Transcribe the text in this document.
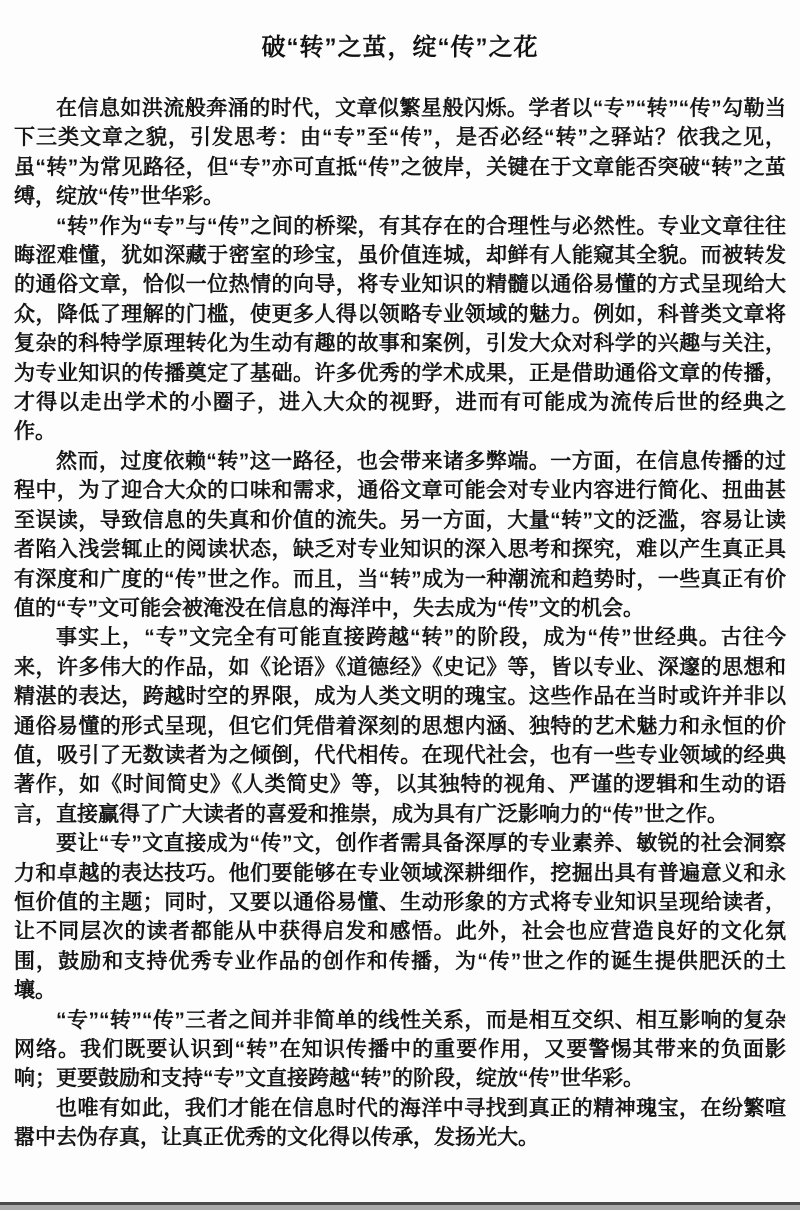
破“转”之茧，绽“传”之花

在信息如洪流般奔涌的时代，文章似繁星般闪烁。学者以“专”“转”“传”勾勒当下三类文章之貌，引发思考：由“专”至“传”，是否必经“转”之驿站？依我之见，虽“转”为常见路径，但“专”亦可直抵“传”之彼岸，关键在于文章能否突破“转”之茧缚，绽放“传”世华彩。

“转”作为“专”与“传”之间的桥梁，有其存在的合理性与必然性。专业文章往往晦涩难懂，犹如深藏于密室的珍宝，虽价值连城，却鲜有人能窥其全貌。而被转发的通俗文章，恰似一位热情的向导，将专业知识的精髓以通俗易懂的方式呈现给大众，降低了理解的门槛，使更多人得以领略专业领域的魅力。例如，科普类文章将复杂的科特学原理转化为生动有趣的故事和案例，引发大众对科学的兴趣与关注，为专业知识的传播奠定了基础。许多优秀的学术成果，正是借助通俗文章的传播，才得以走出学术的小圈子，进入大众的视野，进而有可能成为流传后世的经典之作。

然而，过度依赖“转”这一路径，也会带来诸多弊端。一方面，在信息传播的过程中，为了迎合大众的口味和需求，通俗文章可能会对专业内容进行简化、扭曲甚至误读，导致信息的失真和价值的流失。另一方面，大量“转”文的泛滥，容易让读者陷入浅尝辄止的阅读状态，缺乏对专业知识的深入思考和探究，难以产生真正具有深度和广度的“传”世之作。而且，当“转”成为一种潮流和趋势时，一些真正有价值的“专”文可能会被淹没在信息的海洋中，失去成为“传”文的机会。

事实上，“专”文完全有可能直接跨越“转”的阶段，成为“传”世经典。古往今来，许多伟大的作品，如《论语》《道德经》《史记》等，皆以专业、深邃的思想和精湛的表达，跨越时空的界限，成为人类文明的瑰宝。这些作品在当时或许并非以通俗易懂的形式呈现，但它们凭借着深刻的思想内涵、独特的艺术魅力和永恒的价值，吸引了无数读者为之倾倒，代代相传。在现代社会，也有一些专业领域的经典著作，如《时间简史》《人类简史》等，以其独特的视角、严谨的逻辑和生动的语言，直接赢得了广大读者的喜爱和推崇，成为具有广泛影响力的“传”世之作。

要让“专”文直接成为“传”文，创作者需具备深厚的专业素养、敏锐的社会洞察力和卓越的表达技巧。他们要能够在专业领域深耕细作，挖掘出具有普遍意义和永恒价值的主题；同时，又要以通俗易懂、生动形象的方式将专业知识呈现给读者，让不同层次的读者都能从中获得启发和感悟。此外，社会也应营造良好的文化氛围，鼓励和支持优秀专业作品的创作和传播，为“传”世之作的诞生提供肥沃的土壤。

“专”“转”“传”三者之间并非简单的线性关系，而是相互交织、相互影响的复杂网络。我们既要认识到“转”在知识传播中的重要作用，又要警惕其带来的负面影响；更要鼓励和支持“专”文直接跨越“转”的阶段，绽放“传”世华彩。

也唯有如此，我们才能在信息时代的海洋中寻找到真正的精神瑰宝，在纷繁喧嚣中去伪存真，让真正优秀的文化得以传承，发扬光大。
